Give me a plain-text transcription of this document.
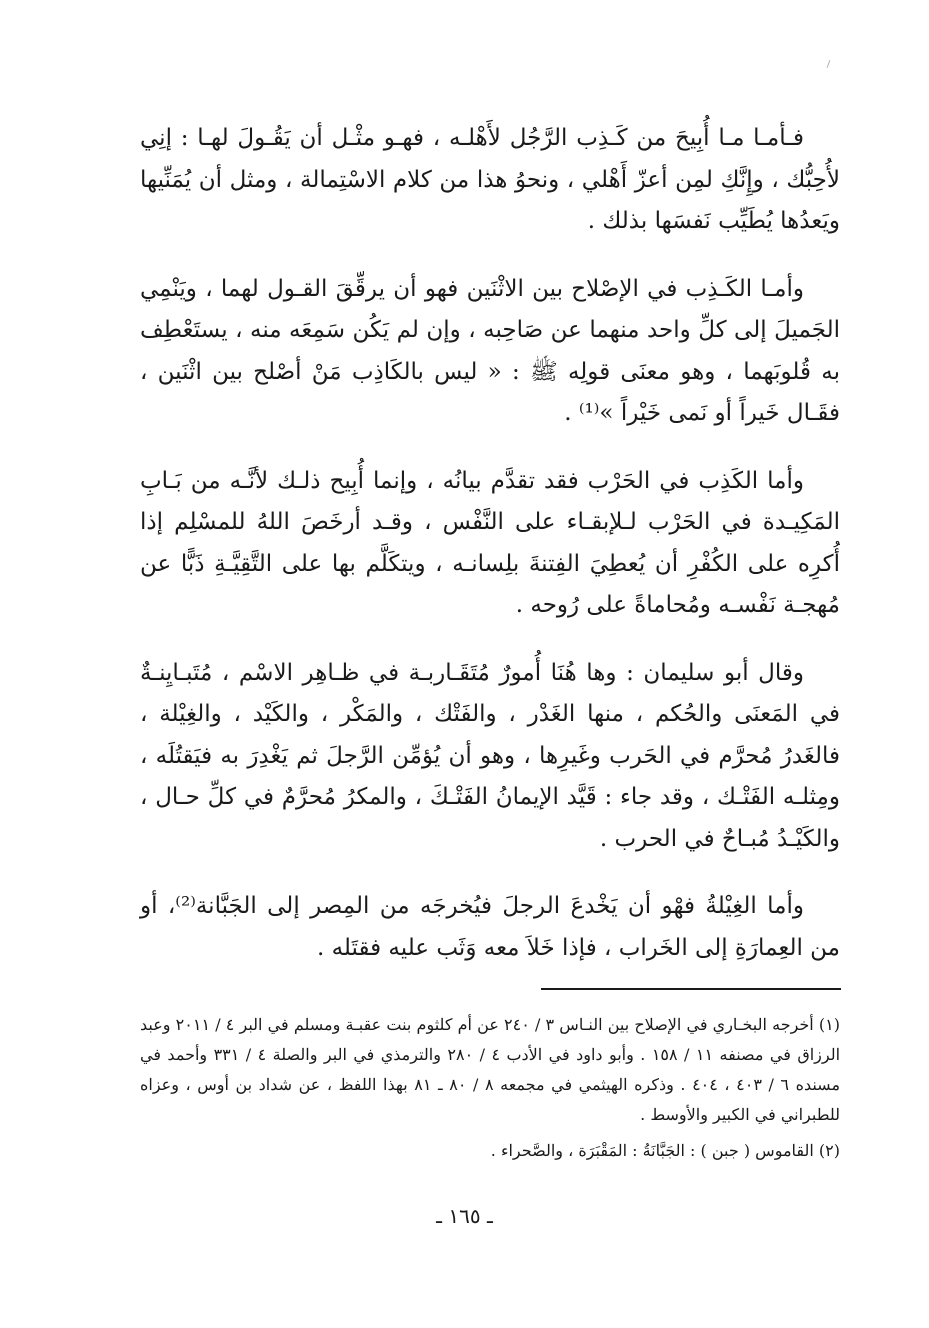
فـأمـا مـا أُبِيحَ من كَـذِب الرَّجُل لأَهْلـه ، فهـو مثْـل أن يَقُـولَ لهـا : إنِي لأُحِبُّك ، وإِنَّكِ لمِن أعزّ أَهْلي ، ونحوُ هذا من كلام الاسْتِمالة ، ومثل أن يُمَنِّيها ويَعدُها يُطَيِّب نَفسَها بذلك .

وأمـا الكَـذِب في الإصْلاح بين الاثْنَين فهو أن يرقِّقَ القـول لهما ، ويَنْمِي الجَميلَ إلى كلِّ واحد منهما عن صَاحِبه ، وإن لم يَكُن سَمِعَه منه ، يستَعْطِف به قُلوبَهما ، وهو معنَى قولِه ﷺ : « ليس بالكَاذِب مَنْ أصْلح بين اثْنَين ، فقَـال خَيراً أو نَمى خَيْراً »⁽¹⁾ .

وأما الكَذِب في الحَرْب فقد تقدَّم بيانُه ، وإنما أُبِيح ذلـك لأنَّـه من بَـابِ المَكِيـدة في الحَرْب لـلإبقـاء على النَّفْس ، وقـد أرخَصَ اللهُ للمسْلِم إذا أُكرِه على الكُفْرِ أن يُعطِيَ الفِتنةَ بلِسانـه ، ويتكَلَّم بها على التَّقِيَّـةِ ذَبًّا عن مُهجـة نَفْسـه ومُحاماةً على رُوحه .

وقال أبو سليمان : وها هُنَا أُمورٌ مُتَقَـاربـة في ظـاهِر الاسْم ، مُتَبـايِنـةٌ في المَعنَى والحُكم ، منها الغَدْر ، والفَتْك ، والمَكْر ، والكَيْد ، والغِيْلة ، فالغَدرُ مُحرَّم في الحَرب وغَيرِها ، وهو أن يُؤمِّن الرَّجلَ ثم يَغْدِرَ به فيَقتُلَه ، ومِثلـه الفَتْـك ، وقد جاء : قَيَّد الإيمانُ الفَتْـكَ ، والمكرُ مُحرَّمٌ في كلِّ حـال ، والكَيْـدُ مُبـاحٌ في الحرب .

وأما الغِيْلةُ فهْو أن يَخْدعَ الرجلَ فيُخرجَه من المِصر إلى الجَبَّانة⁽²⁾، أو من العِمارَةِ إلى الخَراب ، فإذا خَلاَ معه وَثَب عليه فقتَله .

(١) أخرجه البخـاري في الإصلاح بين النـاس ٣ / ٢٤٠ عن أم كلثوم بنت عقبـة ومسلم في البر ٤ / ٢٠١١ وعبد الرزاق في مصنفه ١١ / ١٥٨ . وأبو داود في الأدب ٤ / ٢٨٠ والترمذي في البر والصلة ٤ / ٣٣١ وأحمد في مسنده ٦ / ٤٠٣ ، ٤٠٤ . وذكره الهيثمي في مجمعه ٨ / ٨٠ ـ ٨١ بهذا اللفظ ، عن شداد بن أوس ، وعزاه للطبراني في الكبير والأوسط .

(٢) القاموس ( جبن ) : الجَبَّانَةُ : المَقْبَرَة ، والصَّحراء .

ـ ١٦٥ ـ
